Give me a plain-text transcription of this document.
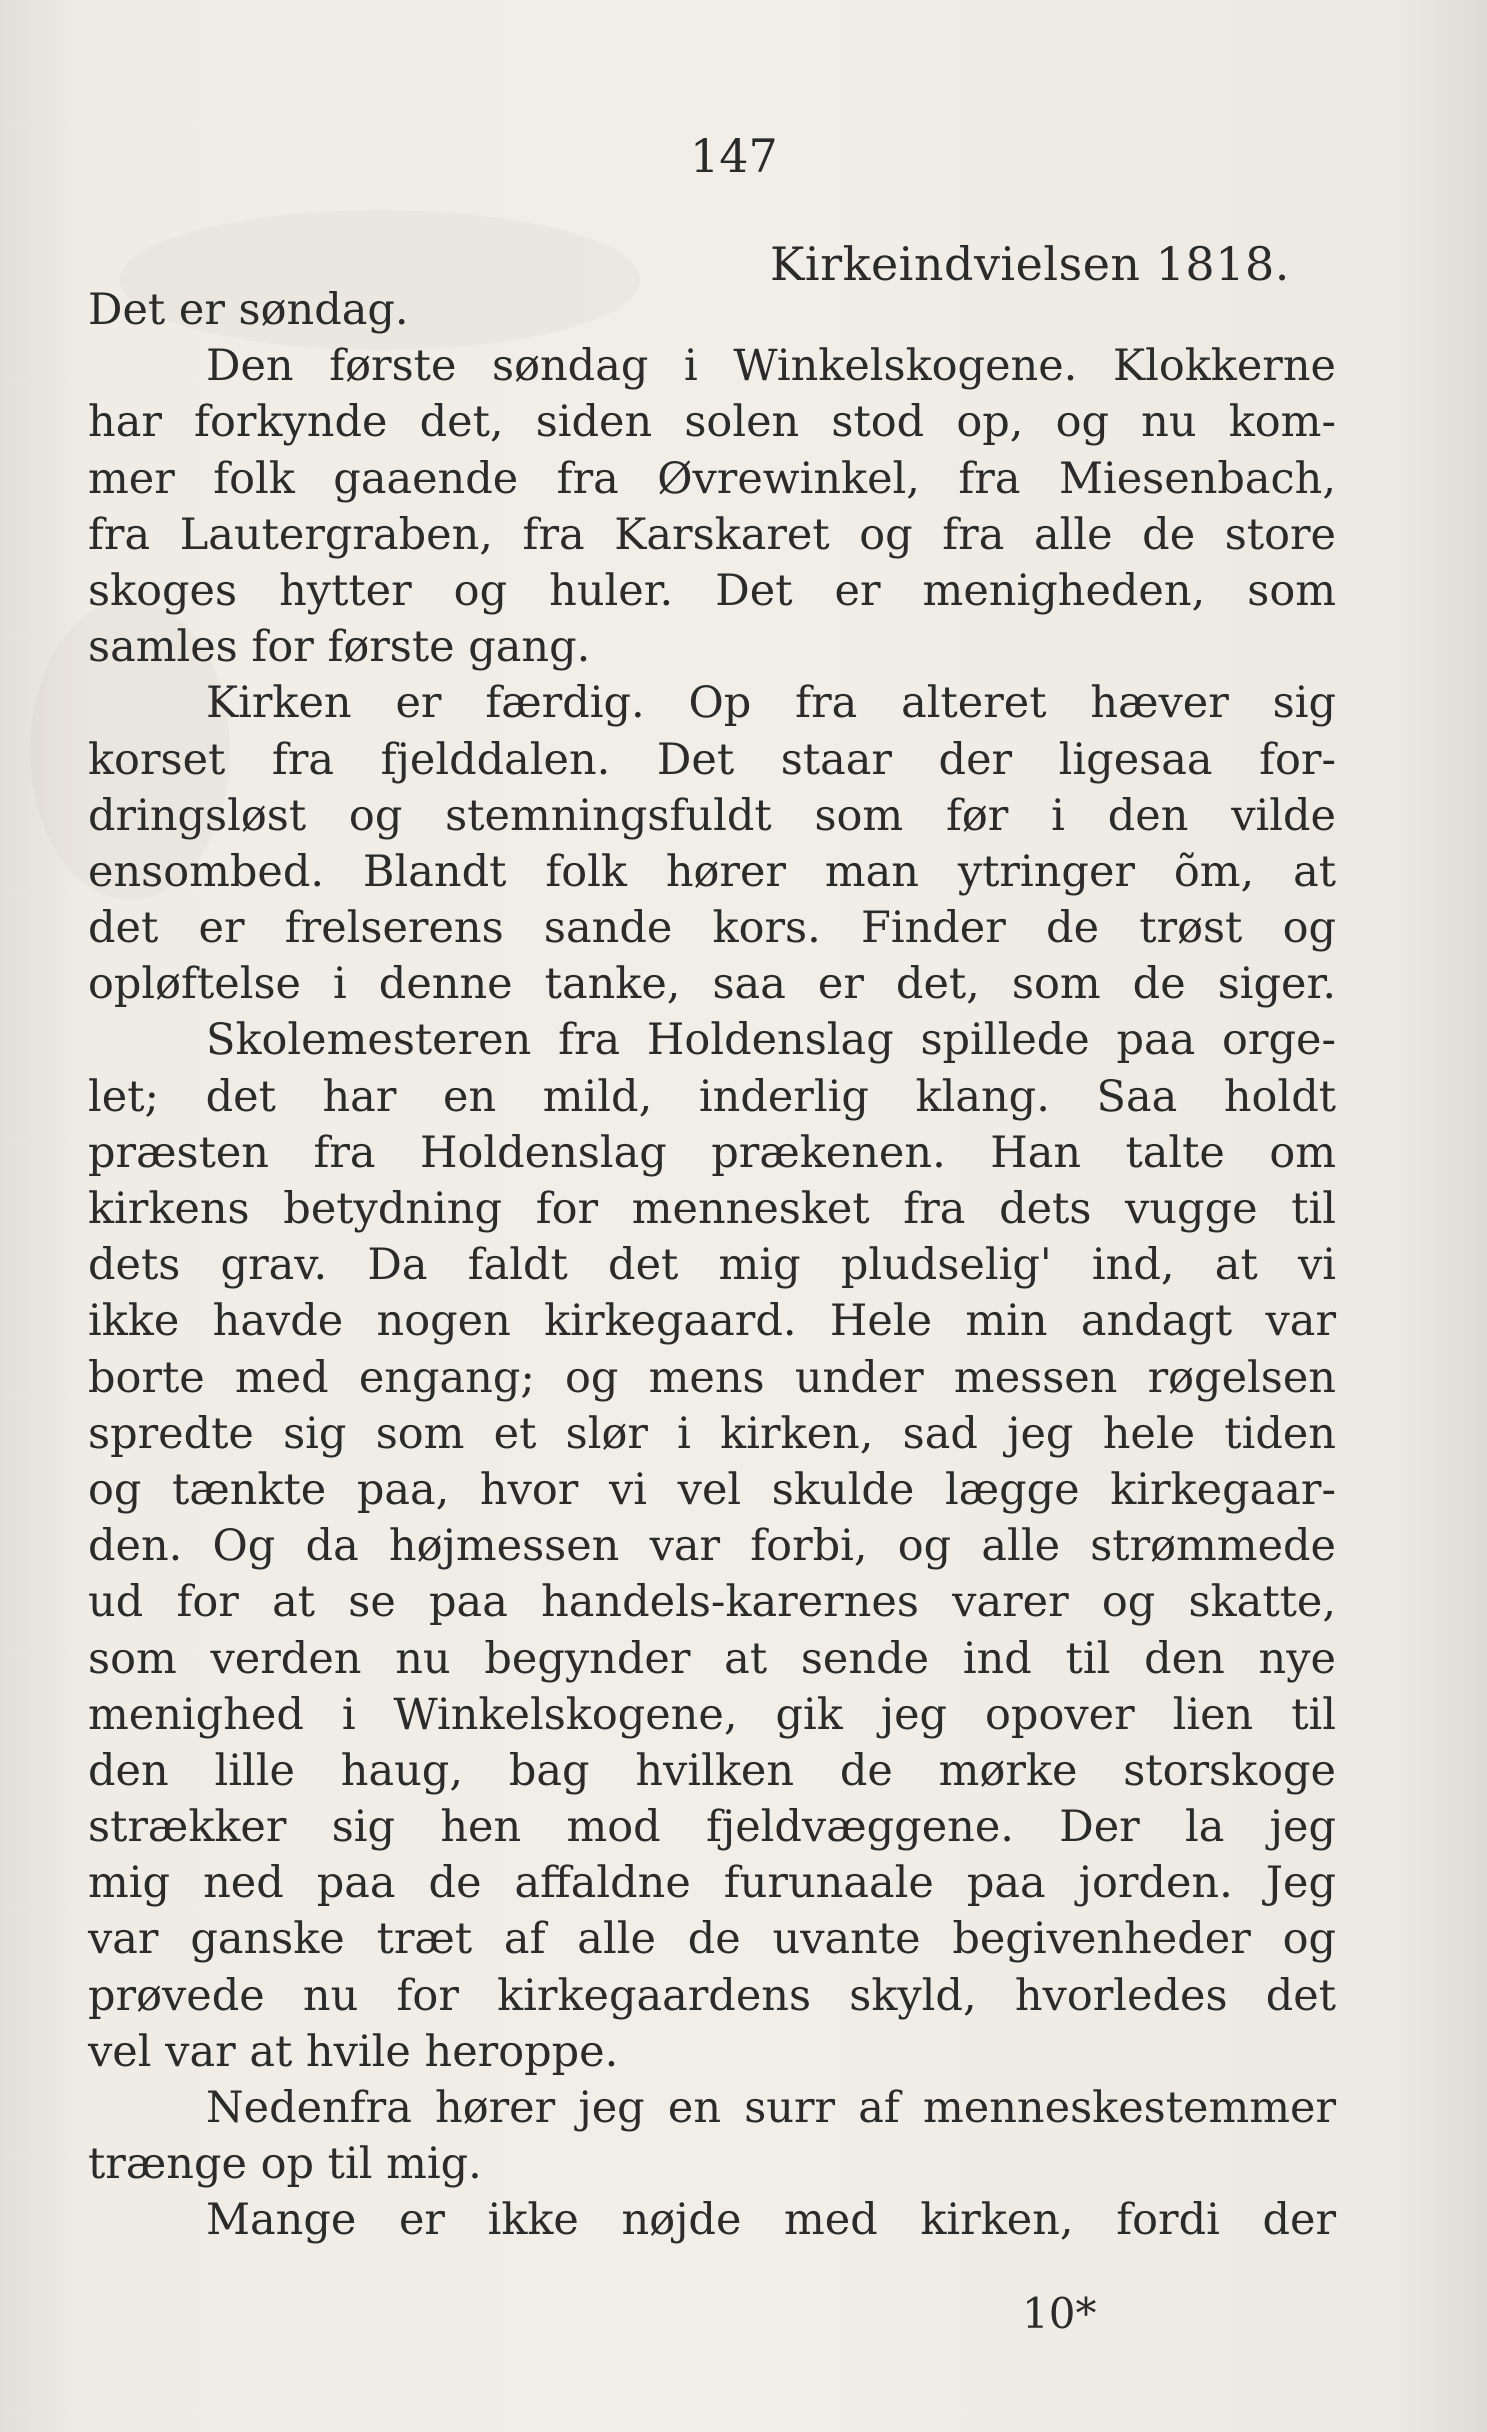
147
Kirkeindvielsen 1818.
Det er søndag.
Den første søndag i Winkelskogene. Klokkerne
har forkynde det, siden solen stod op, og nu kom-
mer folk gaaende fra Øvrewinkel, fra Miesenbach,
fra Lautergraben, fra Karskaret og fra alle de store
skoges hytter og huler. Det er menigheden, som
samles for første gang.
Kirken er færdig. Op fra alteret hæver sig
korset fra fjelddalen. Det staar der ligesaa for-
dringsløst og stemningsfuldt som før i den vilde
ensombed. Blandt folk hører man ytringer õm, at
det er frelserens sande kors. Finder de trøst og
opløftelse i denne tanke, saa er det, som de siger.
Skolemesteren fra Holdenslag spillede paa orge-
let; det har en mild, inderlig klang. Saa holdt
præsten fra Holdenslag prækenen. Han talte om
kirkens betydning for mennesket fra dets vugge til
dets grav. Da faldt det mig pludselig' ind, at vi
ikke havde nogen kirkegaard. Hele min andagt var
borte med engang; og mens under messen røgelsen
spredte sig som et slør i kirken, sad jeg hele tiden
og tænkte paa, hvor vi vel skulde lægge kirkegaar-
den. Og da højmessen var forbi, og alle strømmede
ud for at se paa handels-karernes varer og skatte,
som verden nu begynder at sende ind til den nye
menighed i Winkelskogene, gik jeg opover lien til
den lille haug, bag hvilken de mørke storskoge
strækker sig hen mod fjeldvæggene. Der la jeg
mig ned paa de affaldne furunaale paa jorden. Jeg
var ganske træt af alle de uvante begivenheder og
prøvede nu for kirkegaardens skyld, hvorledes det
vel var at hvile heroppe.
Nedenfra hører jeg en surr af menneskestemmer
trænge op til mig.
Mange er ikke nøjde med kirken, fordi der
10*
